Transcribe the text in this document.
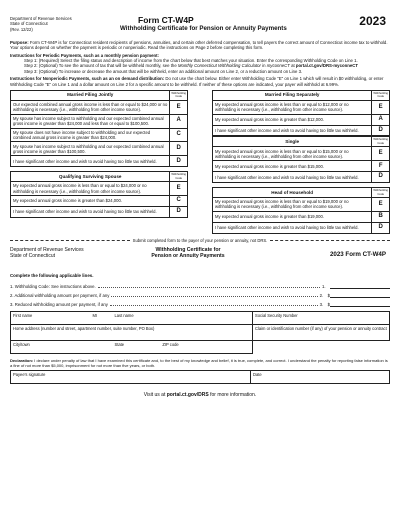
Department of Revenue Services
State of Connecticut
(Rev. 12/22)
Form CT-W4P
Withholding Certificate for Pension or Annuity Payments
2023
Purpose: Form CT-W4P is for Connecticut resident recipients of pensions, annuities, and certain other deferred compensation, to tell payers the correct amount of Connecticut income tax to withhold. Your options depend on whether the payment is periodic or nonperiodic. Read the instructions on Page 2 before completing this form.
Instructions for Periodic Payments, such as a monthly pension payment:
Step 1: (Required) Select the filing status and description of income from the chart below that best matches your situation. Enter the corresponding Withholding Code on Line 1.
Step 2: (Optional) To see the amount of tax that will be withheld monthly, see the Monthly Connecticut Withholding Calculator in myconneCT at portal.ct.gov/DRS-myconneCT
Step 3: (Optional) To increase or decrease the amount that will be withheld, enter an additional amount on Line 2, or a reduction amount on Line 3.
Instructions for Nonperiodic Payments, such as an on demand distribution: Do not use the chart below. Either enter Withholding Code "E" on Line 1 which will result in $0 withholding, or enter Withholding Code "E" on Line 1 and a dollar amount on Line 2 for a specific amount to be withheld. If neither of these options are indicated, your payer will withhold at 6.99%.
Married Filing Jointly	Withholding Code
Our expected combined annual gross income is less than or equal to $24,000 or no withholding is necessary (i.e., withholding from other income source).	E
My spouse has income subject to withholding and our expected combined annual gross income is greater than $24,000 and less than or equal to $100,500.	A
My spouse does not have income subject to withholding and our expected combined annual gross income is greater than $24,000.	C
My spouse has income subject to withholding and our expected combined annual gross income is greater than $100,500.	D
I have significant other income and wish to avoid having too little tax withheld.	D
Qualifying Surviving Spouse	Withholding Code
My expected annual gross income is less than or equal to $24,000 or no withholding is necessary (i.e., withholding from other income source).	E
My expected annual gross income is greater than $24,000.	C
I have significant other income and wish to avoid having too little tax withheld.	D
Married Filing Separately	Withholding Code
My expected annual gross income is less than or equal to $12,000 or no withholding is necessary (i.e., withholding from other income source).	E
My expected annual gross income is greater than $12,000.	A
I have significant other income and wish to avoid having too little tax withheld.	D
Single	Withholding Code
My expected annual gross income is less than or equal to $15,000 or no withholding is necessary (i.e., withholding from other income source).	E
My expected annual gross income is greater than $15,000.	F
I have significant other income and wish to avoid having too little tax withheld.	D
Head of Household	Withholding Code
My expected annual gross income is less than or equal to $19,000 or no withholding is necessary (i.e., withholding from other income source).	E
My expected annual gross income is greater than $19,000.	B
I have significant other income and wish to avoid having too little tax withheld.	D
Submit completed form to the payer of your pension or annuity, not DRS.
Department of Revenue Services
State of Connecticut
Withholding Certificate for
Pension or Annuity Payments	2023 Form CT-W4P
Complete the following applicable lines.
1. Withholding Code: See instructions above.	1.
2. Additional withholding amount per payment, if any	2.	$
3. Reduced withholding amount per payment, if any	3.	$
First name	MI	Last name	Social Security Number
Home address (number and street, apartment number, suite number, PO Box)			Claim or identification number (if any) of your pension or annuity contract
City/town		State ZIP code	
Declaration: I declare under penalty of law that I have examined this certificate and, to the best of my knowledge and belief, it is true, complete, and correct. I understand the penalty for reporting false information is a fine of not more than $5,000, imprisonment for not more than five years, or both.
Payee's signature	Date
Visit us at portal.ct.gov/DRS for more information.
